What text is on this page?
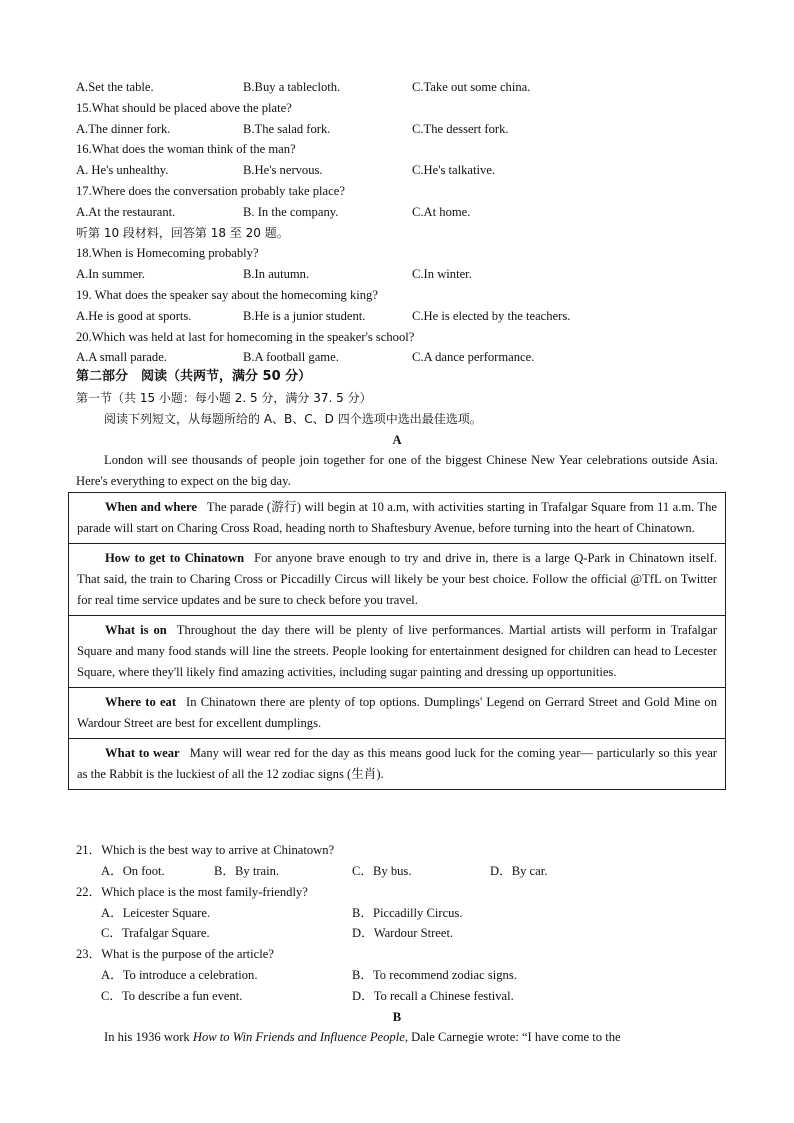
A.Set the table.	B.Buy a tablecloth.	C.Take out some china.
15.What should be placed above the plate?
A.The dinner fork.	B.The salad fork.	C.The dessert fork.
16.What does the woman think of the man?
A. He's unhealthy.	B.He's nervous.	C.He's talkative.
17.Where does the conversation probably take place?
A.At the restaurant.	B. In the company.	C.At home.
听第 10 段材料，回答第 18 至 20 题。
18.When is Homecoming probably?
A.In summer.	B.In autumn.	C.In winter.
19. What does the speaker say about the homecoming king?
A.He is good at sports.	B.He is a junior student.	C.He is elected by the teachers.
20.Which was held at last for homecoming in the speaker's school?
A.A small parade.	B.A football game.	C.A dance performance.
第二部分　阅读（共两节，满分 50 分）
第一节（共 15 小题：每小题 2. 5 分，满分 37. 5 分）
阅读下列短文，从每题所给的 A、B、C、D 四个选项中选出最佳选项。
A
London will see thousands of people join together for one of the biggest Chinese New Year celebrations outside Asia. Here's everything to expect on the big day.
When and where The parade (游行) will begin at 10 a.m, with activities starting in Trafalgar Square from 11 a.m. The parade will start on Charing Cross Road, heading north to Shaftesbury Avenue, before turning into the heart of Chinatown.
How to get to Chinatown For anyone brave enough to try and drive in, there is a large Q-Park in Chinatown itself. That said, the train to Charing Cross or Piccadilly Circus will likely be your best choice. Follow the official @TfL on Twitter for real time service updates and be sure to check before you travel.
What is on Throughout the day there will be plenty of live performances. Martial artists will perform in Trafalgar Square and many food stands will line the streets. People looking for entertainment designed for children can head to Lecester Square, where they'll likely find amazing activities, including sugar painting and dressing up opportunities.
Where to eat In Chinatown there are plenty of top options. Dumplings' Legend on Gerrard Street and Gold Mine on Wardour Street are best for excellent dumplings.
What to wear Many will wear red for the day as this means good luck for the coming year— particularly so this year as the Rabbit is the luckiest of all the 12 zodiac signs (生肖).
21．Which is the best way to arrive at Chinatown?
A．On foot.	B．By train.	C．By bus.	D．By car.
22．Which place is the most family-friendly?
A．Leicester Square.	B．Piccadilly Circus.
C．Trafalgar Square.	D．Wardour Street.
23．What is the purpose of the article?
A．To introduce a celebration.	B．To recommend zodiac signs.
C．To describe a fun event.	D．To recall a Chinese festival.
B
In his 1936 work How to Win Friends and Influence People, Dale Carnegie wrote: “I have come to the
